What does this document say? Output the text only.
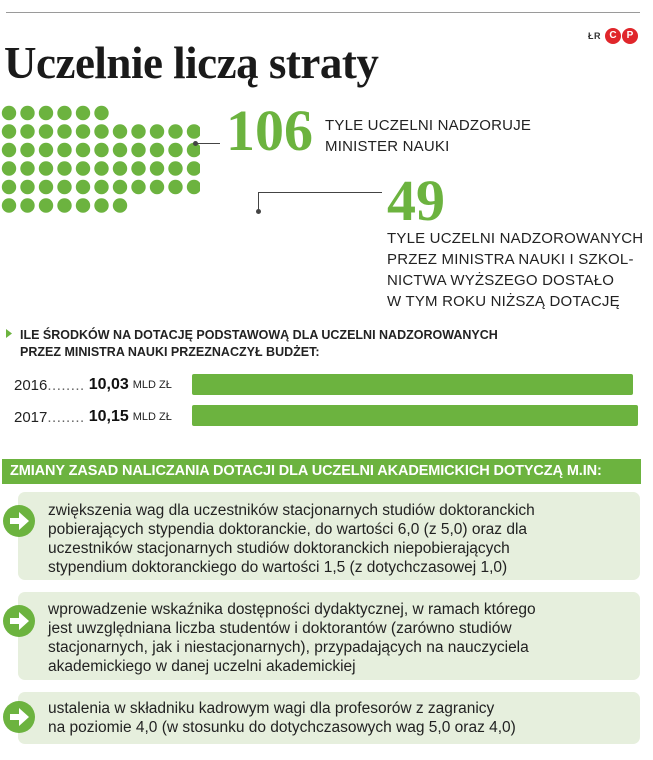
Uczelnie liczą straty
ŁR C	P
106 TYLE UCZELNI NADZORUJE MINISTER NAUKI
49
TYLE UCZELNI NADZOROWANYCH
PRZEZ MINISTRA NAUKI I SZKOL-
NICTWA WYŻSZEGO DOSTAŁO
W TYM ROKU NIŻSZĄ DOTACJĘ
ILE ŚRODKÓW NA DOTACJĘ PODSTAWOWĄ DLA UCZELNI NADZOROWANYCH
PRZEZ MINISTRA NAUKI PRZEZNACZYŁ BUDŻET:
2016 ........ 10,03 MLD ZŁ
2017 ........ 10,15 MLD ZŁ
ZMIANY ZASAD NALICZANIA DOTACJI DLA UCZELNI AKADEMICKICH DOTYCZĄ M.IN:
zwiększenia wag dla uczestników stacjonarnych studiów doktoranckich
pobierających stypendia doktoranckie, do wartości 6,0 (z 5,0) oraz dla
uczestników stacjonarnych studiów doktoranckich niepobierających
stypendium doktoranckiego do wartości 1,5 (z dotychczasowej 1,0)
wprowadzenie wskaźnika dostępności dydaktycznej, w ramach którego
jest uwzględniana liczba studentów i doktorantów (zarówno studiów
stacjonarnych, jak i niestacjonarnych), przypadających na nauczyciela
akademickiego w danej uczelni akademickiej
ustalenia w składniku kadrowym wagi dla profesorów z zagranicy
na poziomie 4,0 (w stosunku do dotychczasowych wag 5,0 oraz 4,0)
